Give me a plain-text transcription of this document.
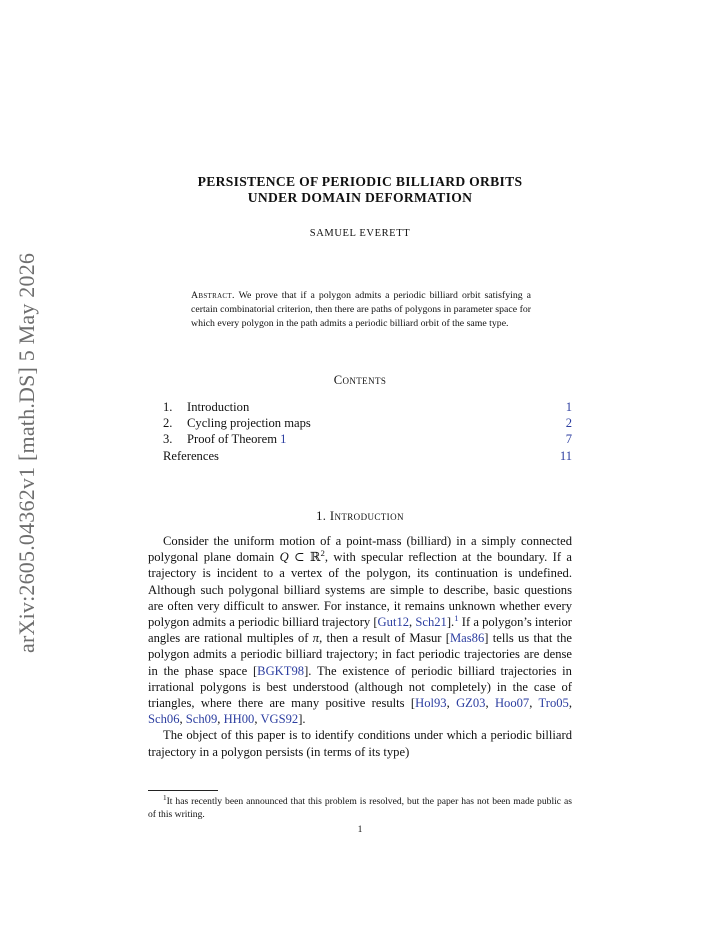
arXiv:2605.04362v1 [math.DS] 5 May 2026
PERSISTENCE OF PERIODIC BILLIARD ORBITS
UNDER DOMAIN DEFORMATION
SAMUEL EVERETT
Abstract. We prove that if a polygon admits a periodic billiard orbit satisfying a certain combinatorial criterion, then there are paths of polygons in parameter space for which every polygon in the path admits a periodic billiard orbit of the same type.
Contents
1. Introduction	1
2. Cycling projection maps	2
3. Proof of Theorem 1	7
References	11
1. Introduction

Consider the uniform motion of a point-mass (billiard) in a simply connected polygonal plane domain Q ⊂ ℝ$^2$, with specular reflection at the boundary. If a trajectory is incident to a vertex of the polygon, its continuation is undefined. Although such polygonal billiard systems are simple to describe, basic questions are often very difficult to answer. For instance, it remains unknown whether every polygon admits a periodic billiard trajectory [Gut12, Sch21].$^1$ If a polygon’s interior angles are rational multiples of π, then a result of Masur [Mas86] tells us that the polygon admits a periodic billiard trajectory; in fact periodic trajectories are dense in the phase space [BGKT98]. The existence of periodic billiard trajectories in irrational polygons is best understood (although not completely) in the case of triangles, where there are many positive results [Hol93, GZ03, Hoo07, Tro05, Sch06, Sch09, HH00, VGS92].

The object of this paper is to identify conditions under which a periodic billiard trajectory in a polygon persists (in terms of its type)

$^1$It has recently been announced that this problem is resolved, but the paper has not been made public as of this writing.
1
